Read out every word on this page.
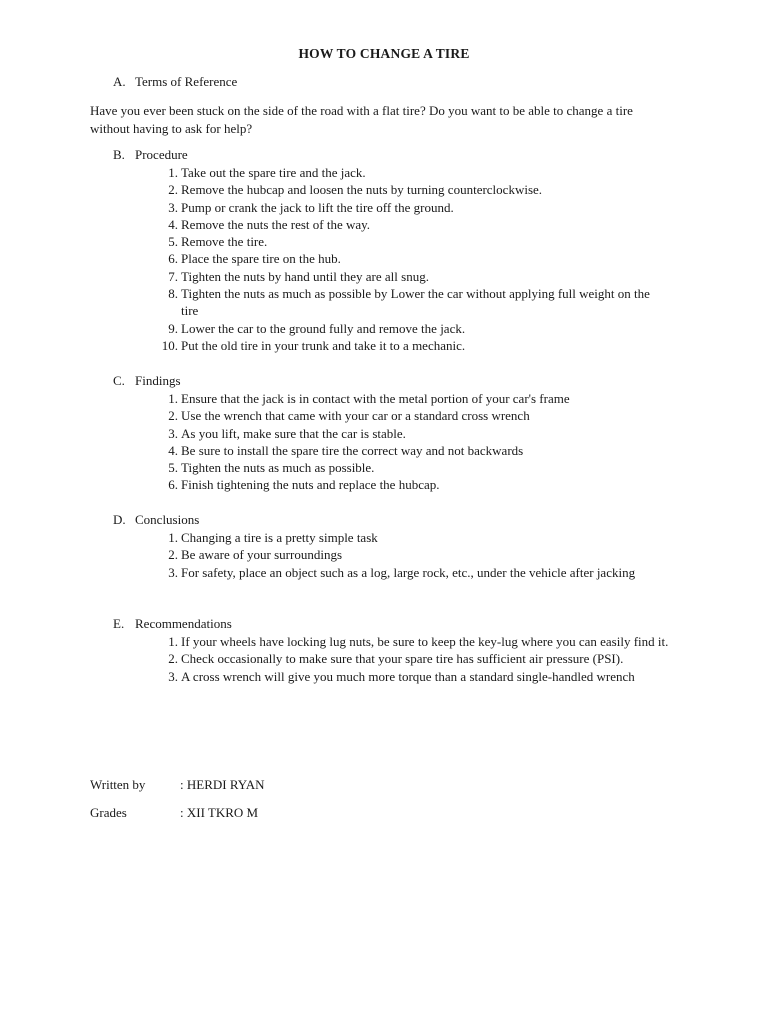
HOW TO CHANGE A TIRE
A. Terms of Reference
Have you ever been stuck on the side of the road with a flat tire? Do you want to be able to change a tire without having to ask for help?
B. Procedure
1. Take out the spare tire and the jack.
2. Remove the hubcap and loosen the nuts by turning counterclockwise.
3. Pump or crank the jack to lift the tire off the ground.
4. Remove the nuts the rest of the way.
5. Remove the tire.
6. Place the spare tire on the hub.
7. Tighten the nuts by hand until they are all snug.
8. Tighten the nuts as much as possible by Lower the car without applying full weight on the tire
9. Lower the car to the ground fully and remove the jack.
10. Put the old tire in your trunk and take it to a mechanic.
C. Findings
1. Ensure that the jack is in contact with the metal portion of your car's frame
2. Use the wrench that came with your car or a standard cross wrench
3. As you lift, make sure that the car is stable.
4. Be sure to install the spare tire the correct way and not backwards
5. Tighten the nuts as much as possible.
6. Finish tightening the nuts and replace the hubcap.
D. Conclusions
1. Changing a tire is a pretty simple task
2. Be aware of your surroundings
3. For safety, place an object such as a log, large rock, etc., under the vehicle after jacking
E. Recommendations
1. If your wheels have locking lug nuts, be sure to keep the key-lug where you can easily find it.
2. Check occasionally to make sure that your spare tire has sufficient air pressure (PSI).
3. A cross wrench will give you much more torque than a standard single-handled wrench
Written by	: HERDI RYAN
Grades	: XII TKRO M
